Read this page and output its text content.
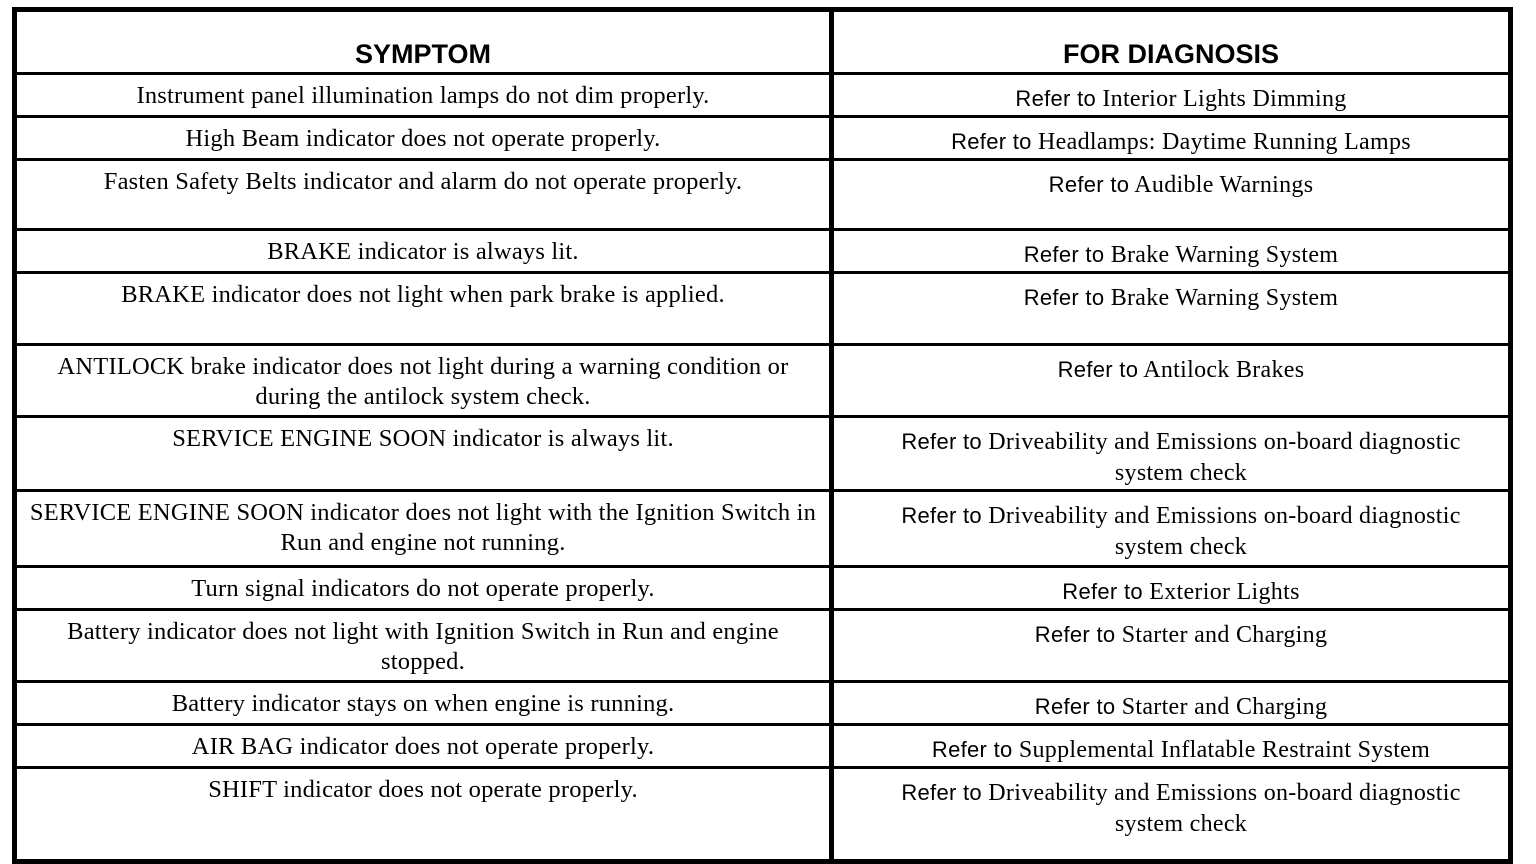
SYMPTOM	FOR DIAGNOSIS
Instrument panel illumination lamps do not dim properly.	Refer to Interior Lights Dimming
High Beam indicator does not operate properly.	Refer to Headlamps: Daytime Running Lamps
Fasten Safety Belts indicator and alarm do not operate properly.	Refer to Audible Warnings
BRAKE indicator is always lit.	Refer to Brake Warning System
BRAKE indicator does not light when park brake is applied.	Refer to Brake Warning System
ANTILOCK brake indicator does not light during a warning condition or during the antilock system check.	Refer to Antilock Brakes
SERVICE ENGINE SOON indicator is always lit.	Refer to Driveability and Emissions on-board diagnostic system check
SERVICE ENGINE SOON indicator does not light with the Ignition Switch in Run and engine not running.	Refer to Driveability and Emissions on-board diagnostic system check
Turn signal indicators do not operate properly.	Refer to Exterior Lights
Battery indicator does not light with Ignition Switch in Run and engine stopped.	Refer to Starter and Charging
Battery indicator stays on when engine is running.	Refer to Starter and Charging
AIR BAG indicator does not operate properly.	Refer to Supplemental Inflatable Restraint System
SHIFT indicator does not operate properly.	Refer to Driveability and Emissions on-board diagnostic system check
